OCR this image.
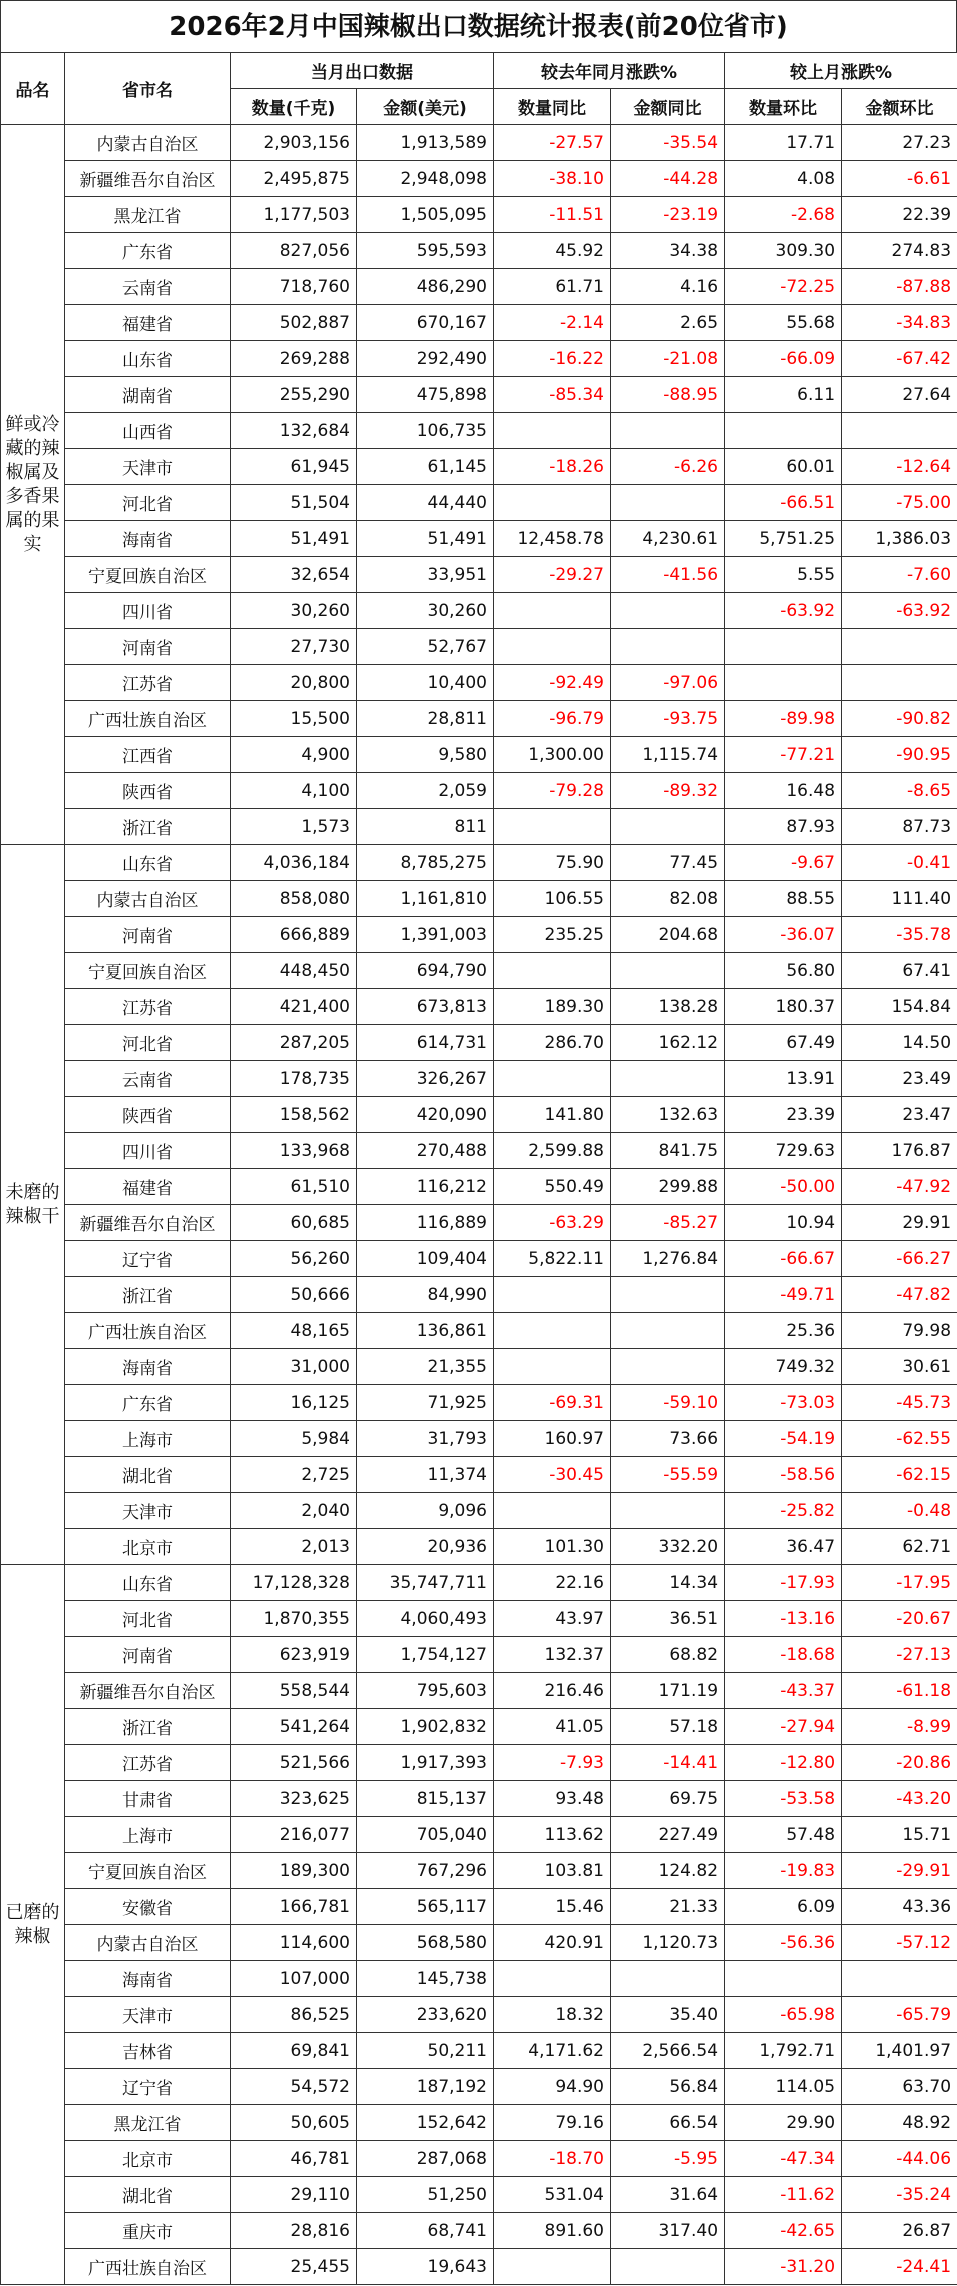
2026年2月中国辣椒出口数据统计报表(前20位省市)
品名	省市名	当月出口数据		较去年同月涨跌%		较上月涨跌%	
		数量(千克)	金额(美元)	数量同比	金额同比	数量环比	金额环比
鲜或冷藏的辣椒属及多香果属的果实	内蒙古自治区	2,903,156	1,913,589	-27.57	-35.54	17.71	27.23
	新疆维吾尔自治区	2,495,875	2,948,098	-38.10	-44.28	4.08	-6.61
	黑龙江省	1,177,503	1,505,095	-11.51	-23.19	-2.68	22.39
	广东省	827,056	595,593	45.92	34.38	309.30	274.83
	云南省	718,760	486,290	61.71	4.16	-72.25	-87.88
	福建省	502,887	670,167	-2.14	2.65	55.68	-34.83
	山东省	269,288	292,490	-16.22	-21.08	-66.09	-67.42
	湖南省	255,290	475,898	-85.34	-88.95	6.11	27.64
	山西省	132,684	106,735				
	天津市	61,945	61,145	-18.26	-6.26	60.01	-12.64
	河北省	51,504	44,440			-66.51	-75.00
	海南省	51,491	51,491	12,458.78	4,230.61	5,751.25	1,386.03
	宁夏回族自治区	32,654	33,951	-29.27	-41.56	5.55	-7.60
	四川省	30,260	30,260			-63.92	-63.92
	河南省	27,730	52,767				
	江苏省	20,800	10,400	-92.49	-97.06		
	广西壮族自治区	15,500	28,811	-96.79	-93.75	-89.98	-90.82
	江西省	4,900	9,580	1,300.00	1,115.74	-77.21	-90.95
	陕西省	4,100	2,059	-79.28	-89.32	16.48	-8.65
	浙江省	1,573	811			87.93	87.73
未磨的辣椒干	山东省	4,036,184	8,785,275	75.90	77.45	-9.67	-0.41
	内蒙古自治区	858,080	1,161,810	106.55	82.08	88.55	111.40
	河南省	666,889	1,391,003	235.25	204.68	-36.07	-35.78
	宁夏回族自治区	448,450	694,790			56.80	67.41
	江苏省	421,400	673,813	189.30	138.28	180.37	154.84
	河北省	287,205	614,731	286.70	162.12	67.49	14.50
	云南省	178,735	326,267			13.91	23.49
	陕西省	158,562	420,090	141.80	132.63	23.39	23.47
	四川省	133,968	270,488	2,599.88	841.75	729.63	176.87
	福建省	61,510	116,212	550.49	299.88	-50.00	-47.92
	新疆维吾尔自治区	60,685	116,889	-63.29	-85.27	10.94	29.91
	辽宁省	56,260	109,404	5,822.11	1,276.84	-66.67	-66.27
	浙江省	50,666	84,990			-49.71	-47.82
	广西壮族自治区	48,165	136,861			25.36	79.98
	海南省	31,000	21,355			749.32	30.61
	广东省	16,125	71,925	-69.31	-59.10	-73.03	-45.73
	上海市	5,984	31,793	160.97	73.66	-54.19	-62.55
	湖北省	2,725	11,374	-30.45	-55.59	-58.56	-62.15
	天津市	2,040	9,096			-25.82	-0.48
	北京市	2,013	20,936	101.30	332.20	36.47	62.71
已磨的辣椒	山东省	17,128,328	35,747,711	22.16	14.34	-17.93	-17.95
	河北省	1,870,355	4,060,493	43.97	36.51	-13.16	-20.67
	河南省	623,919	1,754,127	132.37	68.82	-18.68	-27.13
	新疆维吾尔自治区	558,544	795,603	216.46	171.19	-43.37	-61.18
	浙江省	541,264	1,902,832	41.05	57.18	-27.94	-8.99
	江苏省	521,566	1,917,393	-7.93	-14.41	-12.80	-20.86
	甘肃省	323,625	815,137	93.48	69.75	-53.58	-43.20
	上海市	216,077	705,040	113.62	227.49	57.48	15.71
	宁夏回族自治区	189,300	767,296	103.81	124.82	-19.83	-29.91
	安徽省	166,781	565,117	15.46	21.33	6.09	43.36
	内蒙古自治区	114,600	568,580	420.91	1,120.73	-56.36	-57.12
	海南省	107,000	145,738				
	天津市	86,525	233,620	18.32	35.40	-65.98	-65.79
	吉林省	69,841	50,211	4,171.62	2,566.54	1,792.71	1,401.97
	辽宁省	54,572	187,192	94.90	56.84	114.05	63.70
	黑龙江省	50,605	152,642	79.16	66.54	29.90	48.92
	北京市	46,781	287,068	-18.70	-5.95	-47.34	-44.06
	湖北省	29,110	51,250	531.04	31.64	-11.62	-35.24
	重庆市	28,816	68,741	891.60	317.40	-42.65	26.87
	广西壮族自治区	25,455	19,643			-31.20	-24.41
